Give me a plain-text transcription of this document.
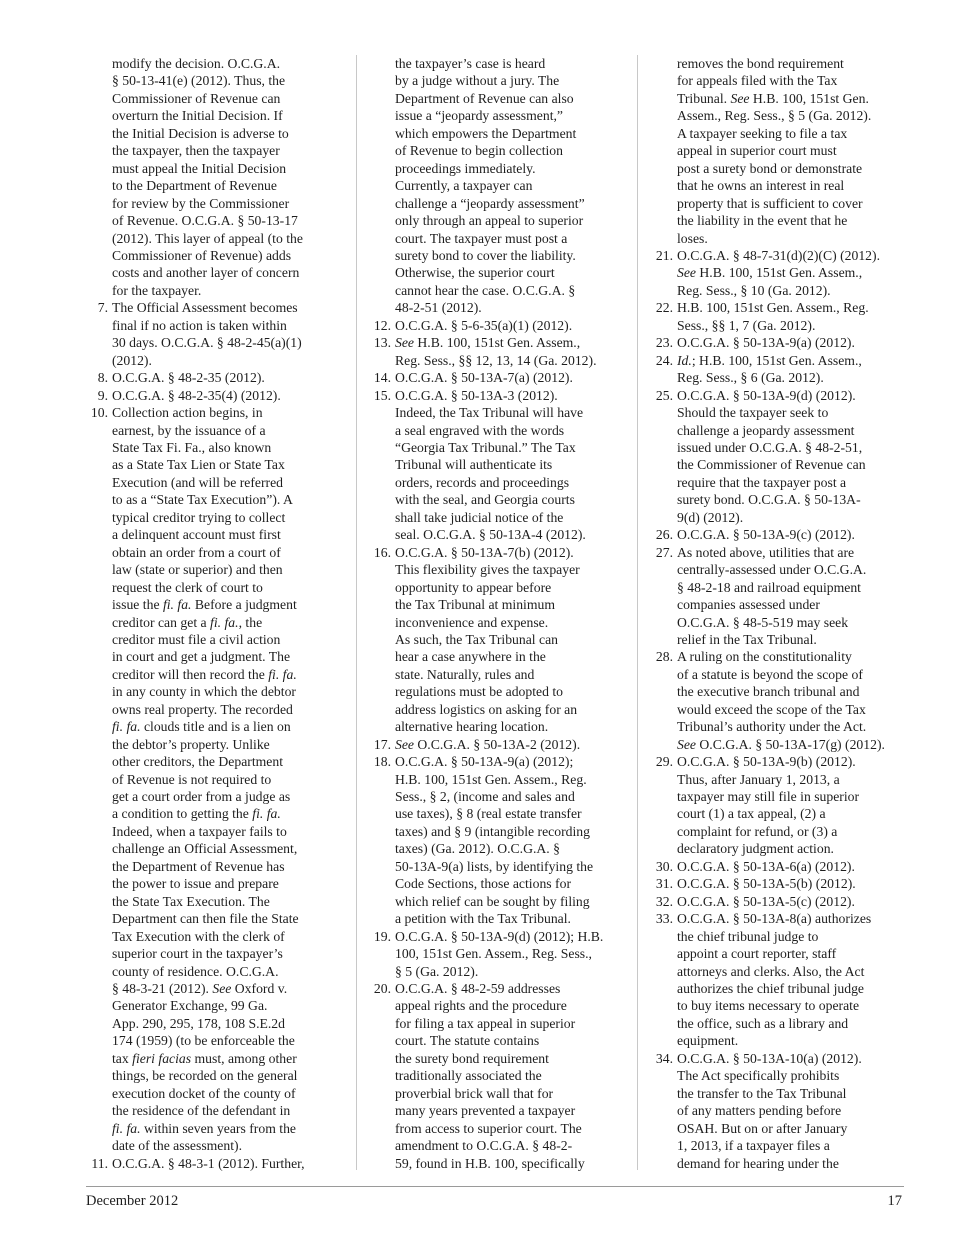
modify the decision. O.C.G.A.
§ 50-13-41(e) (2012). Thus, the
Commissioner of Revenue can
overturn the Initial Decision. If
the Initial Decision is adverse to
the taxpayer, then the taxpayer
must appeal the Initial Decision
to the Department of Revenue
for review by the Commissioner
of Revenue. O.C.G.A. § 50-13-17
(2012). This layer of appeal (to the
Commissioner of Revenue) adds
costs and another layer of concern
for the taxpayer.
7. The Official Assessment becomes
final if no action is taken within
30 days. O.C.G.A. § 48-2-45(a)(1)
(2012).
8. O.C.G.A. § 48-2-35 (2012).
9. O.C.G.A. § 48-2-35(4) (2012).
10. Collection action begins, in
earnest, by the issuance of a
State Tax Fi. Fa., also known
as a State Tax Lien or State Tax
Execution (and will be referred
to as a “State Tax Execution”). A
typical creditor trying to collect
a delinquent account must first
obtain an order from a court of
law (state or superior) and then
request the clerk of court to
issue the fi. fa. Before a judgment
creditor can get a fi. fa., the
creditor must file a civil action
in court and get a judgment. The
creditor will then record the fi. fa.
in any county in which the debtor
owns real property. The recorded
fi. fa. clouds title and is a lien on
the debtor’s property. Unlike
other creditors, the Department
of Revenue is not required to
get a court order from a judge as
a condition to getting the fi. fa.
Indeed, when a taxpayer fails to
challenge an Official Assessment,
the Department of Revenue has
the power to issue and prepare
the State Tax Execution. The
Department can then file the State
Tax Execution with the clerk of
superior court in the taxpayer’s
county of residence. O.C.G.A.
§ 48-3-21 (2012). See Oxford v.
Generator Exchange, 99 Ga.
App. 290, 295, 178, 108 S.E.2d
174 (1959) (to be enforceable the
tax fieri facias must, among other
things, be recorded on the general
execution docket of the county of
the residence of the defendant in
fi. fa. within seven years from the
date of the assessment).
11. O.C.G.A. § 48-3-1 (2012). Further,
the taxpayer’s case is heard
by a judge without a jury. The
Department of Revenue can also
issue a “jeopardy assessment,”
which empowers the Department
of Revenue to begin collection
proceedings immediately.
Currently, a taxpayer can
challenge a “jeopardy assessment”
only through an appeal to superior
court. The taxpayer must post a
surety bond to cover the liability.
Otherwise, the superior court
cannot hear the case. O.C.G.A. §
48-2-51 (2012).
12. O.C.G.A. § 5-6-35(a)(1) (2012).
13. See H.B. 100, 151st Gen. Assem.,
Reg. Sess., §§ 12, 13, 14 (Ga. 2012).
14. O.C.G.A. § 50-13A-7(a) (2012).
15. O.C.G.A. § 50-13A-3 (2012).
Indeed, the Tax Tribunal will have
a seal engraved with the words
“Georgia Tax Tribunal.” The Tax
Tribunal will authenticate its
orders, records and proceedings
with the seal, and Georgia courts
shall take judicial notice of the
seal. O.C.G.A. § 50-13A-4 (2012).
16. O.C.G.A. § 50-13A-7(b) (2012).
This flexibility gives the taxpayer
opportunity to appear before
the Tax Tribunal at minimum
inconvenience and expense.
As such, the Tax Tribunal can
hear a case anywhere in the
state. Naturally, rules and
regulations must be adopted to
address logistics on asking for an
alternative hearing location.
17. See O.C.G.A. § 50-13A-2 (2012).
18. O.C.G.A. § 50-13A-9(a) (2012);
H.B. 100, 151st Gen. Assem., Reg.
Sess., § 2, (income and sales and
use taxes), § 8 (real estate transfer
taxes) and § 9 (intangible recording
taxes) (Ga. 2012). O.C.G.A. §
50-13A-9(a) lists, by identifying the
Code Sections, those actions for
which relief can be sought by filing
a petition with the Tax Tribunal.
19. O.C.G.A. § 50-13A-9(d) (2012); H.B.
100, 151st Gen. Assem., Reg. Sess.,
§ 5 (Ga. 2012).
20. O.C.G.A. § 48-2-59 addresses
appeal rights and the procedure
for filing a tax appeal in superior
court. The statute contains
the surety bond requirement
traditionally associated the
proverbial brick wall that for
many years prevented a taxpayer
from access to superior court. The
amendment to O.C.G.A. § 48-2-
59, found in H.B. 100, specifically
removes the bond requirement
for appeals filed with the Tax
Tribunal. See H.B. 100, 151st Gen.
Assem., Reg. Sess., § 5 (Ga. 2012).
A taxpayer seeking to file a tax
appeal in superior court must
post a surety bond or demonstrate
that he owns an interest in real
property that is sufficient to cover
the liability in the event that he
loses.
21. O.C.G.A. § 48-7-31(d)(2)(C) (2012).
See H.B. 100, 151st Gen. Assem.,
Reg. Sess., § 10 (Ga. 2012).
22. H.B. 100, 151st Gen. Assem., Reg.
Sess., §§ 1, 7 (Ga. 2012).
23. O.C.G.A. § 50-13A-9(a) (2012).
24. Id.; H.B. 100, 151st Gen. Assem.,
Reg. Sess., § 6 (Ga. 2012).
25. O.C.G.A. § 50-13A-9(d) (2012).
Should the taxpayer seek to
challenge a jeopardy assessment
issued under O.C.G.A. § 48-2-51,
the Commissioner of Revenue can
require that the taxpayer post a
surety bond. O.C.G.A. § 50-13A-
9(d) (2012).
26. O.C.G.A. § 50-13A-9(c) (2012).
27. As noted above, utilities that are
centrally-assessed under O.C.G.A.
§ 48-2-18 and railroad equipment
companies assessed under
O.C.G.A. § 48-5-519 may seek
relief in the Tax Tribunal.
28. A ruling on the constitutionality
of a statute is beyond the scope of
the executive branch tribunal and
would exceed the scope of the Tax
Tribunal’s authority under the Act.
See O.C.G.A. § 50-13A-17(g) (2012).
29. O.C.G.A. § 50-13A-9(b) (2012).
Thus, after January 1, 2013, a
taxpayer may still file in superior
court (1) a tax appeal, (2) a
complaint for refund, or (3) a
declaratory judgment action.
30. O.C.G.A. § 50-13A-6(a) (2012).
31. O.C.G.A. § 50-13A-5(b) (2012).
32. O.C.G.A. § 50-13A-5(c) (2012).
33. O.C.G.A. § 50-13A-8(a) authorizes
the chief tribunal judge to
appoint a court reporter, staff
attorneys and clerks. Also, the Act
authorizes the chief tribunal judge
to buy items necessary to operate
the office, such as a library and
equipment.
34. O.C.G.A. § 50-13A-10(a) (2012).
The Act specifically prohibits
the transfer to the Tax Tribunal
of any matters pending before
OSAH. But on or after January
1, 2013, if a taxpayer files a
demand for hearing under the
December 2012	17
